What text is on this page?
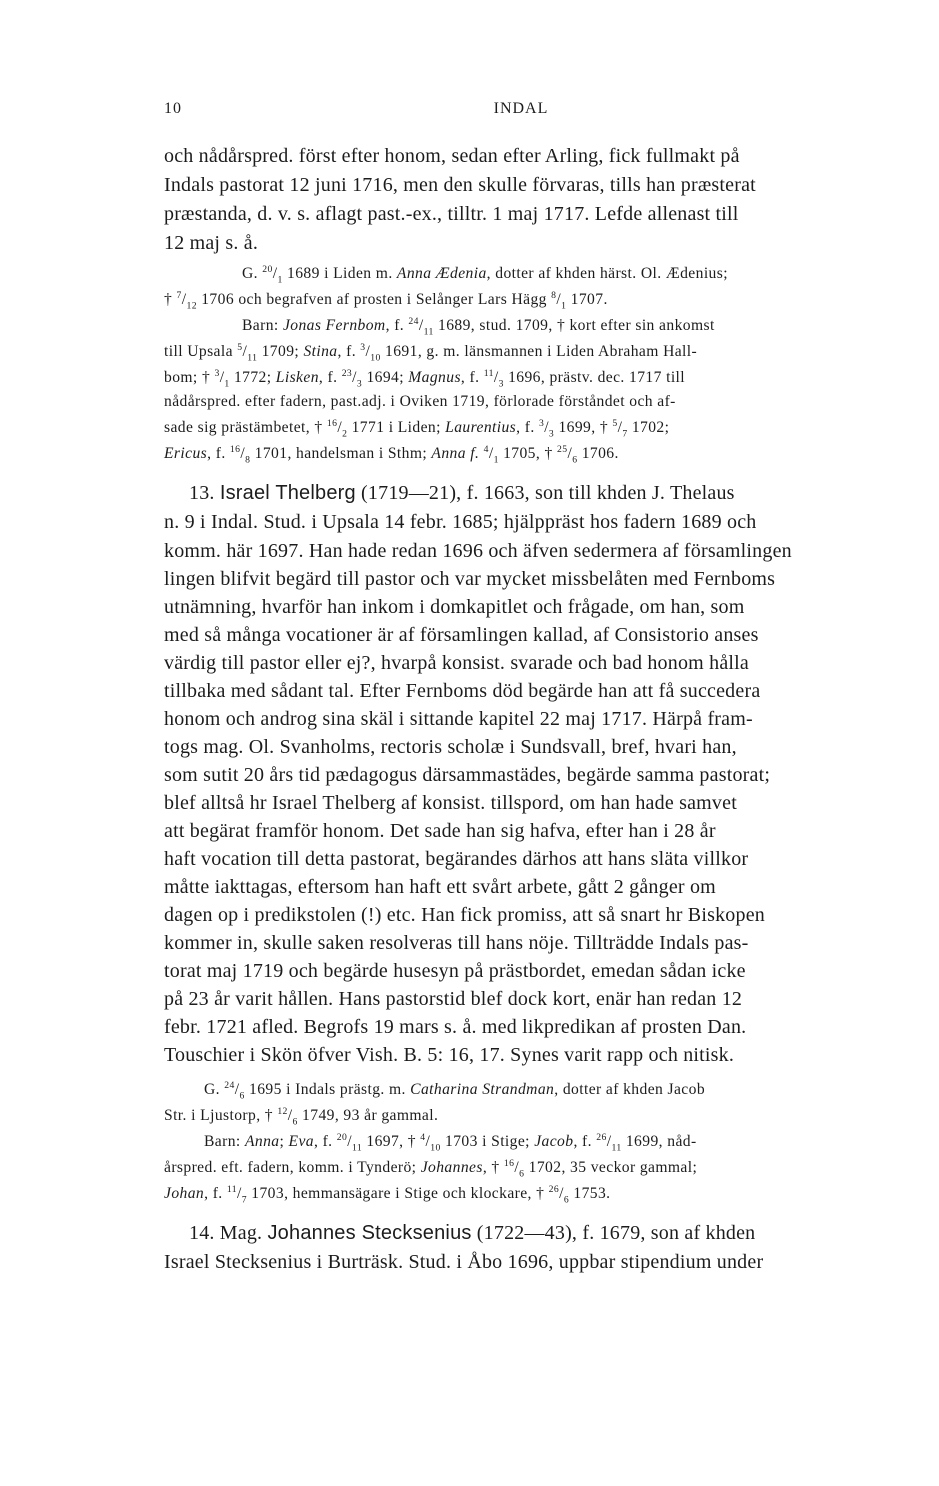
10	INDAL
och nådårspred. först efter honom, sedan efter Arling, fick fullmakt på
Indals pastorat 12 juni 1716, men den skulle förvaras, tills han præsterat
præstanda, d. v. s. aflagt past.-ex., tilltr. 1 maj 1717. Lefde allenast till
12 maj s. å.
G. $^{20}/_1$ 1689 i Liden m. Anna Ædenia, dotter af khden härst. Ol. Ædenius;
† $^7/_{12}$ 1706 och begrafven af prosten i Selånger Lars Hägg $^8/_1$ 1707.
Barn: Jonas Fernbom, f. $^{24}/_{11}$ 1689, stud. 1709, † kort efter sin ankomst
till Upsala $^5/_{11}$ 1709; Stina, f. $^3/_{10}$ 1691, g. m. länsmannen i Liden Abraham Hall-
bom; † $^3/_1$ 1772; Lisken, f. $^{23}/_3$ 1694; Magnus, f. $^{11}/_3$ 1696, prästv. dec. 1717 till
nådårspred. efter fadern, past.adj. i Oviken 1719, förlorade förståndet och af-
sade sig prästämbetet, † $^{16}/_2$ 1771 i Liden; Laurentius, f. $^3/_3$ 1699, † $^5/_7$ 1702;
Ericus, f. $^{16}/_8$ 1701, handelsman i Sthm; Anna f. $^4/_1$ 1705, † $^{25}/_6$ 1706.
13. Israel Thelberg (1719—21), f. 1663, son till khden J. Thelaus
n. 9 i Indal. Stud. i Upsala 14 febr. 1685; hjälppräst hos fadern 1689 och
komm. här 1697. Han hade redan 1696 och äfven sedermera af församlingen
lingen blifvit begärd till pastor och var mycket missbelåten med Fernboms
utnämning, hvarför han inkom i domkapitlet och frågade, om han, som
med så många vocationer är af församlingen kallad, af Consistorio anses
värdig till pastor eller ej?, hvarpå konsist. svarade och bad honom hålla
tillbaka med sådant tal. Efter Fernboms död begärde han att få succedera
honom och androg sina skäl i sittande kapitel 22 maj 1717. Härpå fram-
togs mag. Ol. Svanholms, rectoris scholæ i Sundsvall, bref, hvari han,
som sutit 20 års tid pædagogus därsammastädes, begärde samma pastorat;
blef alltså hr Israel Thelberg af konsist. tillspord, om han hade samvet
att begärat framför honom. Det sade han sig hafva, efter han i 28 år
haft vocation till detta pastorat, begärandes därhos att hans släta villkor
måtte iakttagas, eftersom han haft ett svårt arbete, gått 2 gånger om
dagen op i predikstolen (!) etc. Han fick promiss, att så snart hr Biskopen
kommer in, skulle saken resolveras till hans nöje. Tillträdde Indals pas-
torat maj 1719 och begärde husesyn på prästbordet, emedan sådan icke
på 23 år varit hållen. Hans pastorstid blef dock kort, enär han redan 12
febr. 1721 afled. Begrofs 19 mars s. å. med likpredikan af prosten Dan.
Touschier i Skön öfver Vish. B. 5: 16, 17. Synes varit rapp och nitisk.
G. $^{24}/_6$ 1695 i Indals prästg. m. Catharina Strandman, dotter af khden Jacob
Str. i Ljustorp, † $^{12}/_6$ 1749, 93 år gammal.
Barn: Anna; Eva, f. $^{20}/_{11}$ 1697, † $^4/_{10}$ 1703 i Stige; Jacob, f. $^{26}/_{11}$ 1699, nåd-
årspred. eft. fadern, komm. i Tynderö; Johannes, † $^{16}/_6$ 1702, 35 veckor gammal;
Johan, f. $^{11}/_7$ 1703, hemmansägare i Stige och klockare, † $^{26}/_6$ 1753.
14. Mag. Johannes Stecksenius (1722—43), f. 1679, son af khden
Israel Stecksenius i Burträsk. Stud. i Åbo 1696, uppbar stipendium under
